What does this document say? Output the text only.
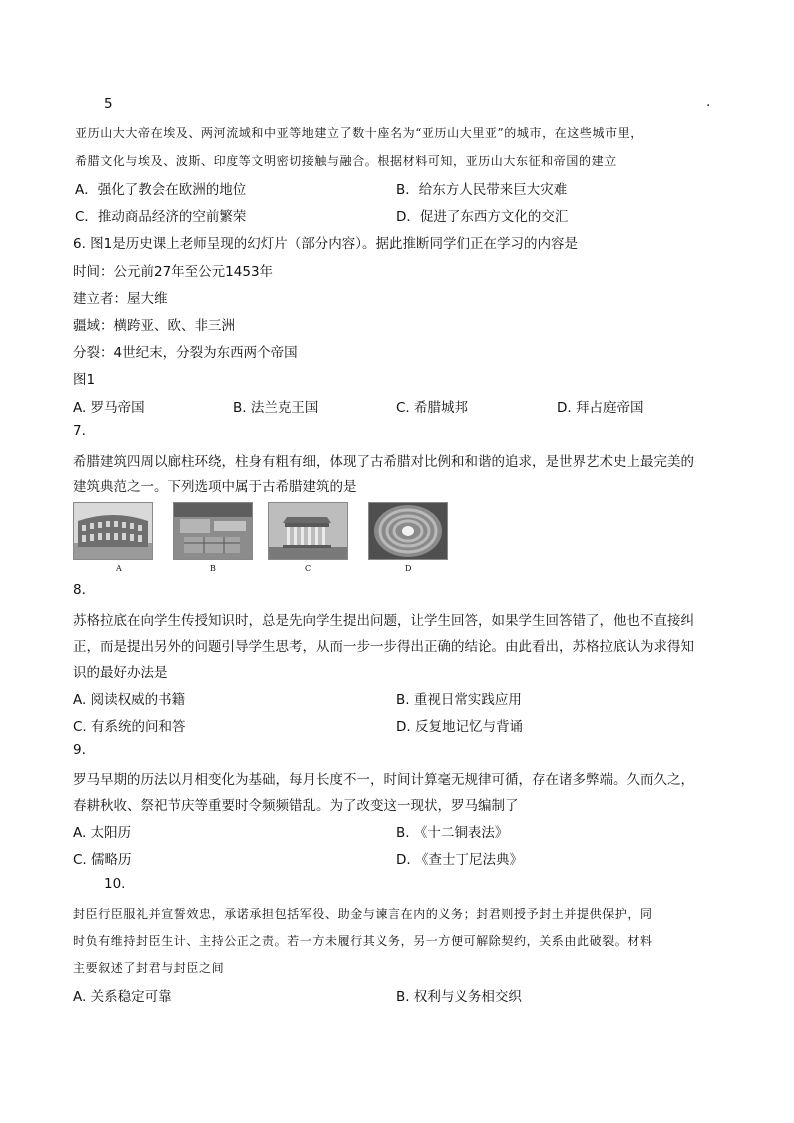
5	.
亚历山大大帝在埃及、两河流域和中亚等地建立了数十座名为“亚历山大里亚”的城市，在这些城市里，
希腊文化与埃及、波斯、印度等文明密切接触与融合。根据材料可知，亚历山大东征和帝国的建立
A．强化了教会在欧洲的地位	B．给东方人民带来巨大灾难
C．推动商品经济的空前繁荣	D．促进了东西方文化的交汇
6. 图1是历史课上老师呈现的幻灯片（部分内容）。据此推断同学们正在学习的内容是
时间：公元前27年至公元1453年
建立者：屋大维
疆域：横跨亚、欧、非三洲
分裂：4世纪末，分裂为东西两个帝国
图1
A. 罗马帝国	B. 法兰克王国	C. 希腊城邦	D. 拜占庭帝国
7.
希腊建筑四周以廊柱环绕，柱身有粗有细，体现了古希腊对比例和和谐的追求，是世界艺术史上最完美的
建筑典范之一。下列选项中属于古希腊建筑的是
A	B	C	D
8.
苏格拉底在向学生传授知识时，总是先向学生提出问题，让学生回答，如果学生回答错了，他也不直接纠
正，而是提出另外的问题引导学生思考，从而一步一步得出正确的结论。由此看出，苏格拉底认为求得知
识的最好办法是
A. 阅读权威的书籍	B. 重视日常实践应用
C. 有系统的问和答	D. 反复地记忆与背诵
9.
罗马早期的历法以月相变化为基础，每月长度不一，时间计算毫无规律可循，存在诸多弊端。久而久之，
春耕秋收、祭祀节庆等重要时令频频错乱。为了改变这一现状，罗马编制了
A. 太阳历	B. 《十二铜表法》
C. 儒略历	D. 《查士丁尼法典》
10.
封臣行臣服礼并宣誓效忠，承诺承担包括军役、助金与谏言在内的义务；封君则授予封土并提供保护，同
时负有维持封臣生计、主持公正之责。若一方未履行其义务，另一方便可解除契约，关系由此破裂。材料
主要叙述了封君与封臣之间
A. 关系稳定可靠	B. 权利与义务相交织
